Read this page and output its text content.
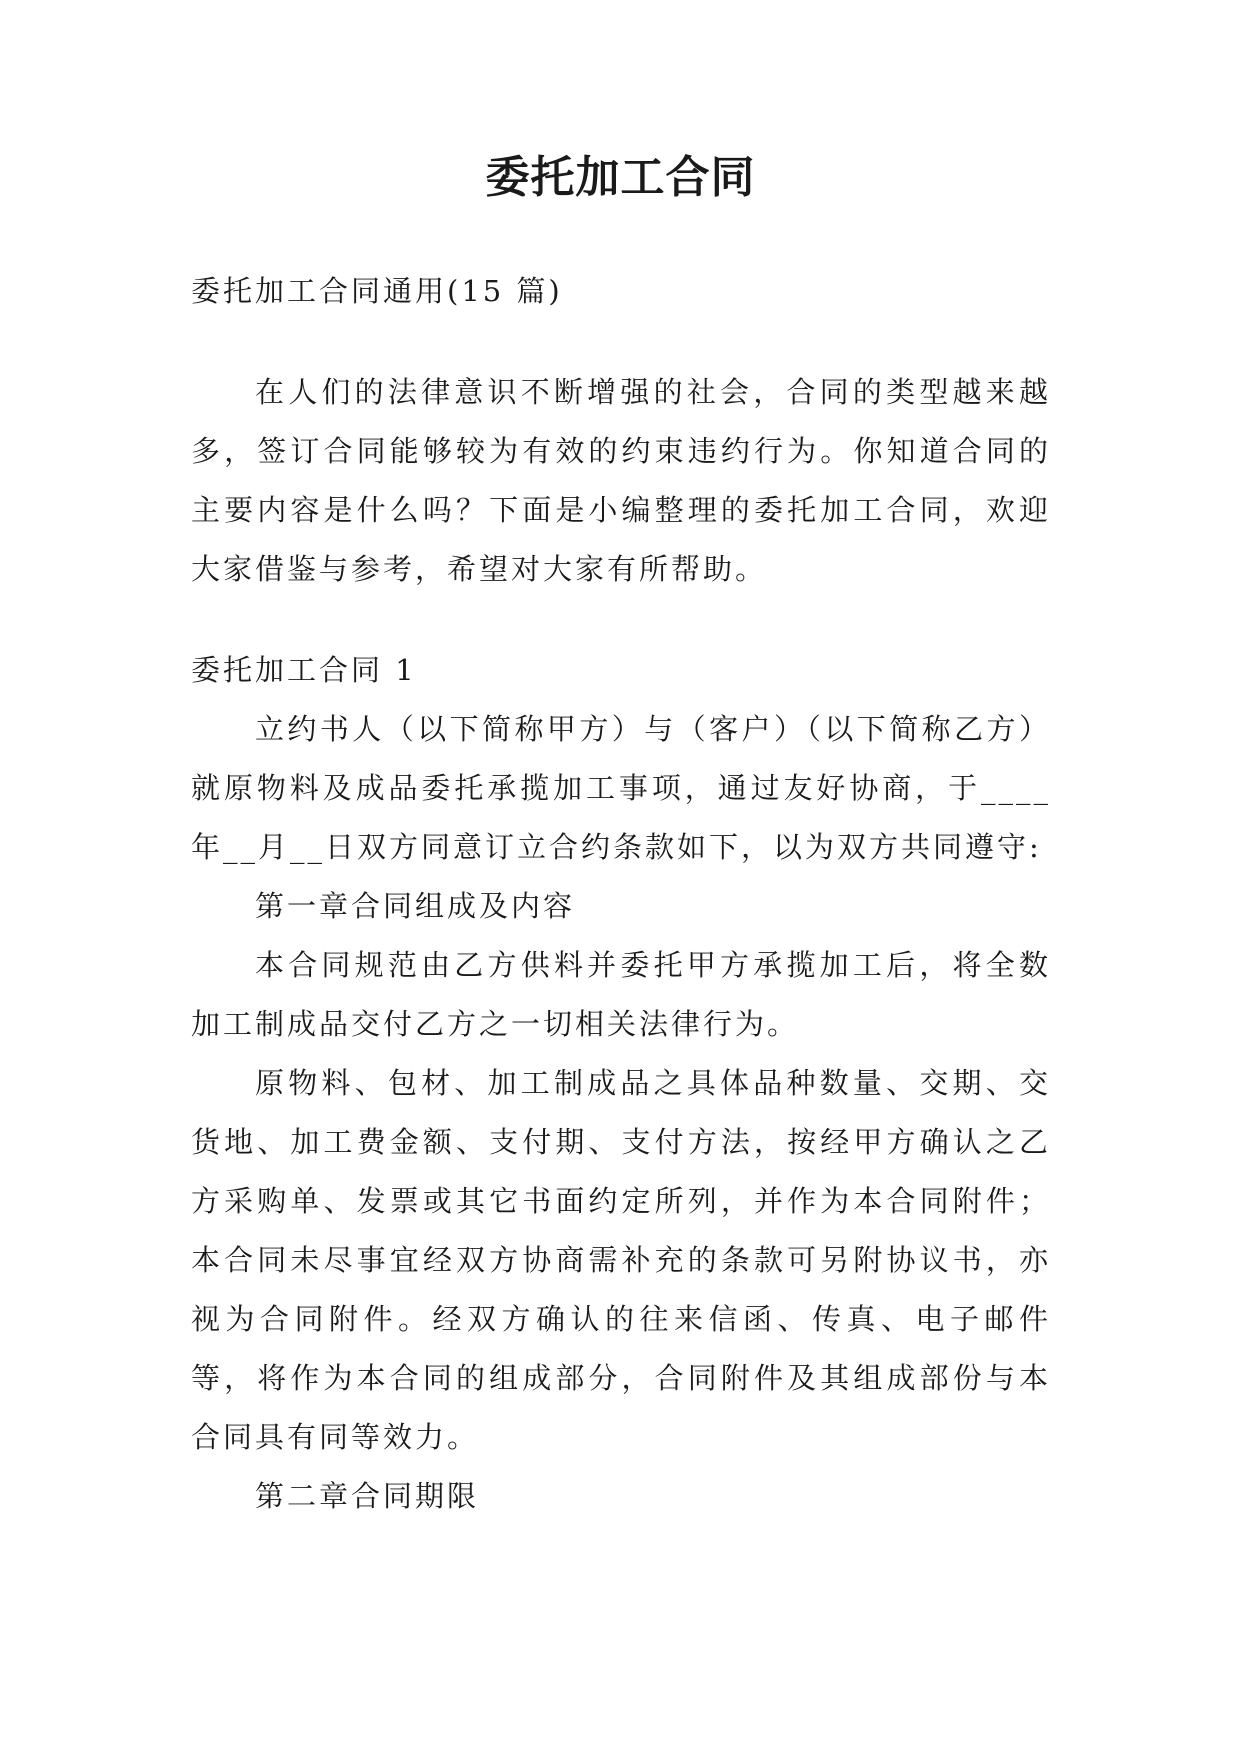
委托加工合同

委托加工合同通用(15 篇)

在人们的法律意识不断增强的社会，合同的类型越来越多，签订合同能够较为有效的约束违约行为。你知道合同的主要内容是什么吗？下面是小编整理的委托加工合同，欢迎大家借鉴与参考，希望对大家有所帮助。

委托加工合同 1

立约书人（以下简称甲方）与（客户）（以下简称乙方）就原物料及成品委托承揽加工事项，通过友好协商，于____年__月__日双方同意订立合约条款如下，以为双方共同遵守:

第一章合同组成及内容

本合同规范由乙方供料并委托甲方承揽加工后，将全数加工制成品交付乙方之一切相关法律行为。

原物料、包材、加工制成品之具体品种数量、交期、交货地、加工费金额、支付期、支付方法，按经甲方确认之乙方采购单、发票或其它书面约定所列，并作为本合同附件；本合同未尽事宜经双方协商需补充的条款可另附协议书，亦视为合同附件。经双方确认的往来信函、传真、电子邮件等，将作为本合同的组成部分，合同附件及其组成部份与本合同具有同等效力。

第二章合同期限
